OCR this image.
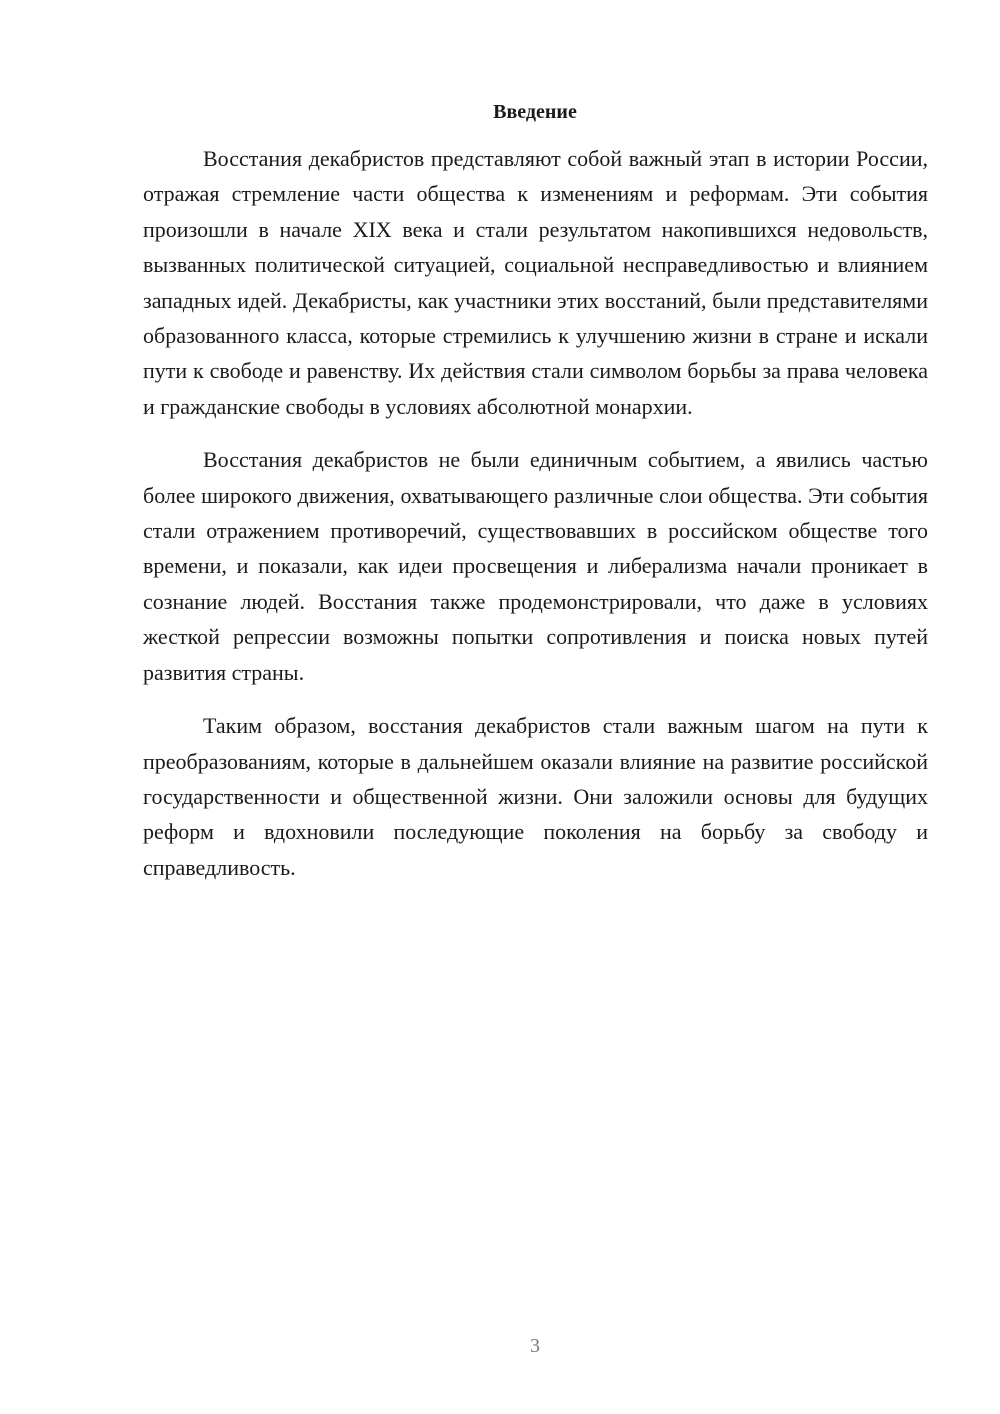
Введение

Восстания декабристов представляют собой важный этап в истории России, отражая стремление части общества к изменениям и реформам. Эти события произошли в начале XIX века и стали результатом накопившихся недовольств, вызванных политической ситуацией, социальной несправедливостью и влиянием западных идей. Декабристы, как участники этих восстаний, были представителями образованного класса, которые стремились к улучшению жизни в стране и искали пути к свободе и равенству. Их действия стали символом борьбы за права человека и гражданские свободы в условиях абсолютной монархии.

Восстания декабристов не были единичным событием, а явились частью более широкого движения, охватывающего различные слои общества. Эти события стали отражением противоречий, существовавших в российском обществе того времени, и показали, как идеи просвещения и либерализма начали проникает в сознание людей. Восстания также продемонстрировали, что даже в условиях жесткой репрессии возможны попытки сопротивления и поиска новых путей развития страны.

Таким образом, восстания декабристов стали важным шагом на пути к преобразованиям, которые в дальнейшем оказали влияние на развитие российской государственности и общественной жизни. Они заложили основы для будущих реформ и вдохновили последующие поколения на борьбу за свободу и справедливость.

3
